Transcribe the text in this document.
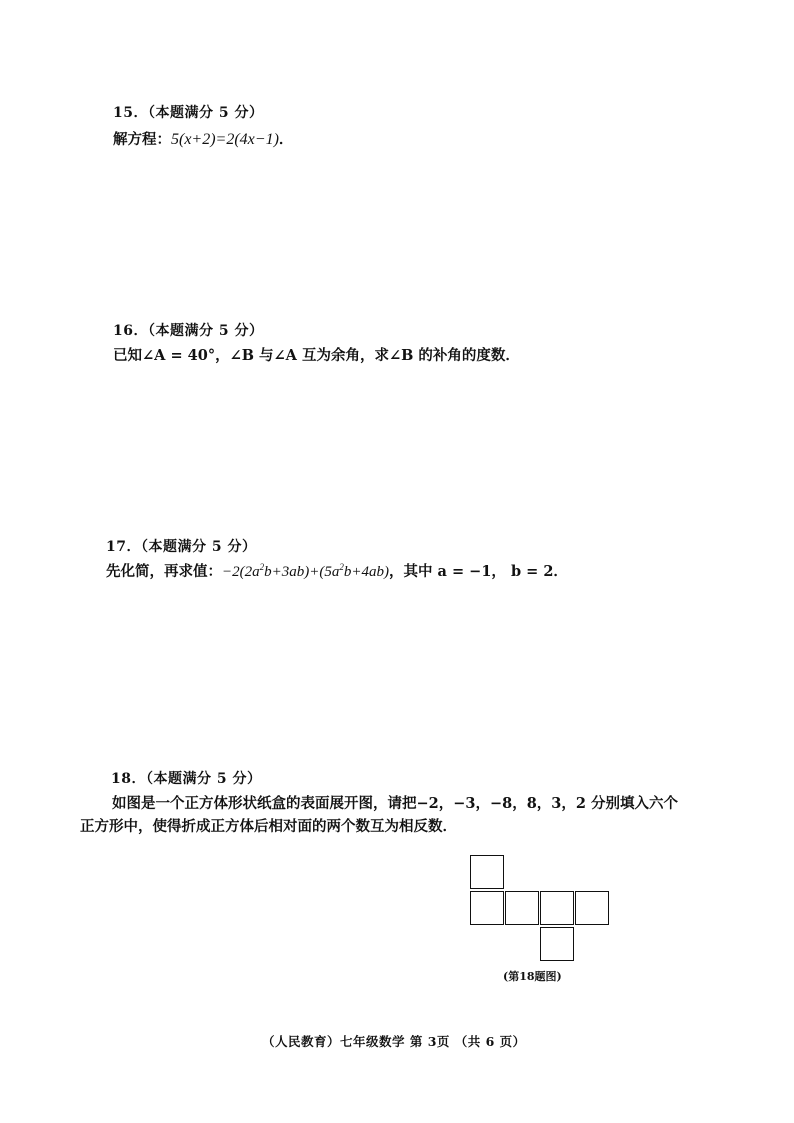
15．（本题满分 5 分）
解方程：5(x+2)=2(4x−1)．
16．（本题满分 5 分）
已知∠A = 40°，∠B 与∠A 互为余角，求∠B 的补角的度数．
17．（本题满分 5 分）
先化简，再求值：$-2(2a^2b+3ab)+(5a^2b+4ab)$，其中 a = −1， b = 2．
18．（本题满分 5 分）
如图是一个正方体形状纸盒的表面展开图，请把−2，−3，−8，8，3，2 分别填入六个
正方形中，使得折成正方体后相对面的两个数互为相反数．
(第18题图)
（人民教育）七年级数学 第 3页 （共 6 页）
